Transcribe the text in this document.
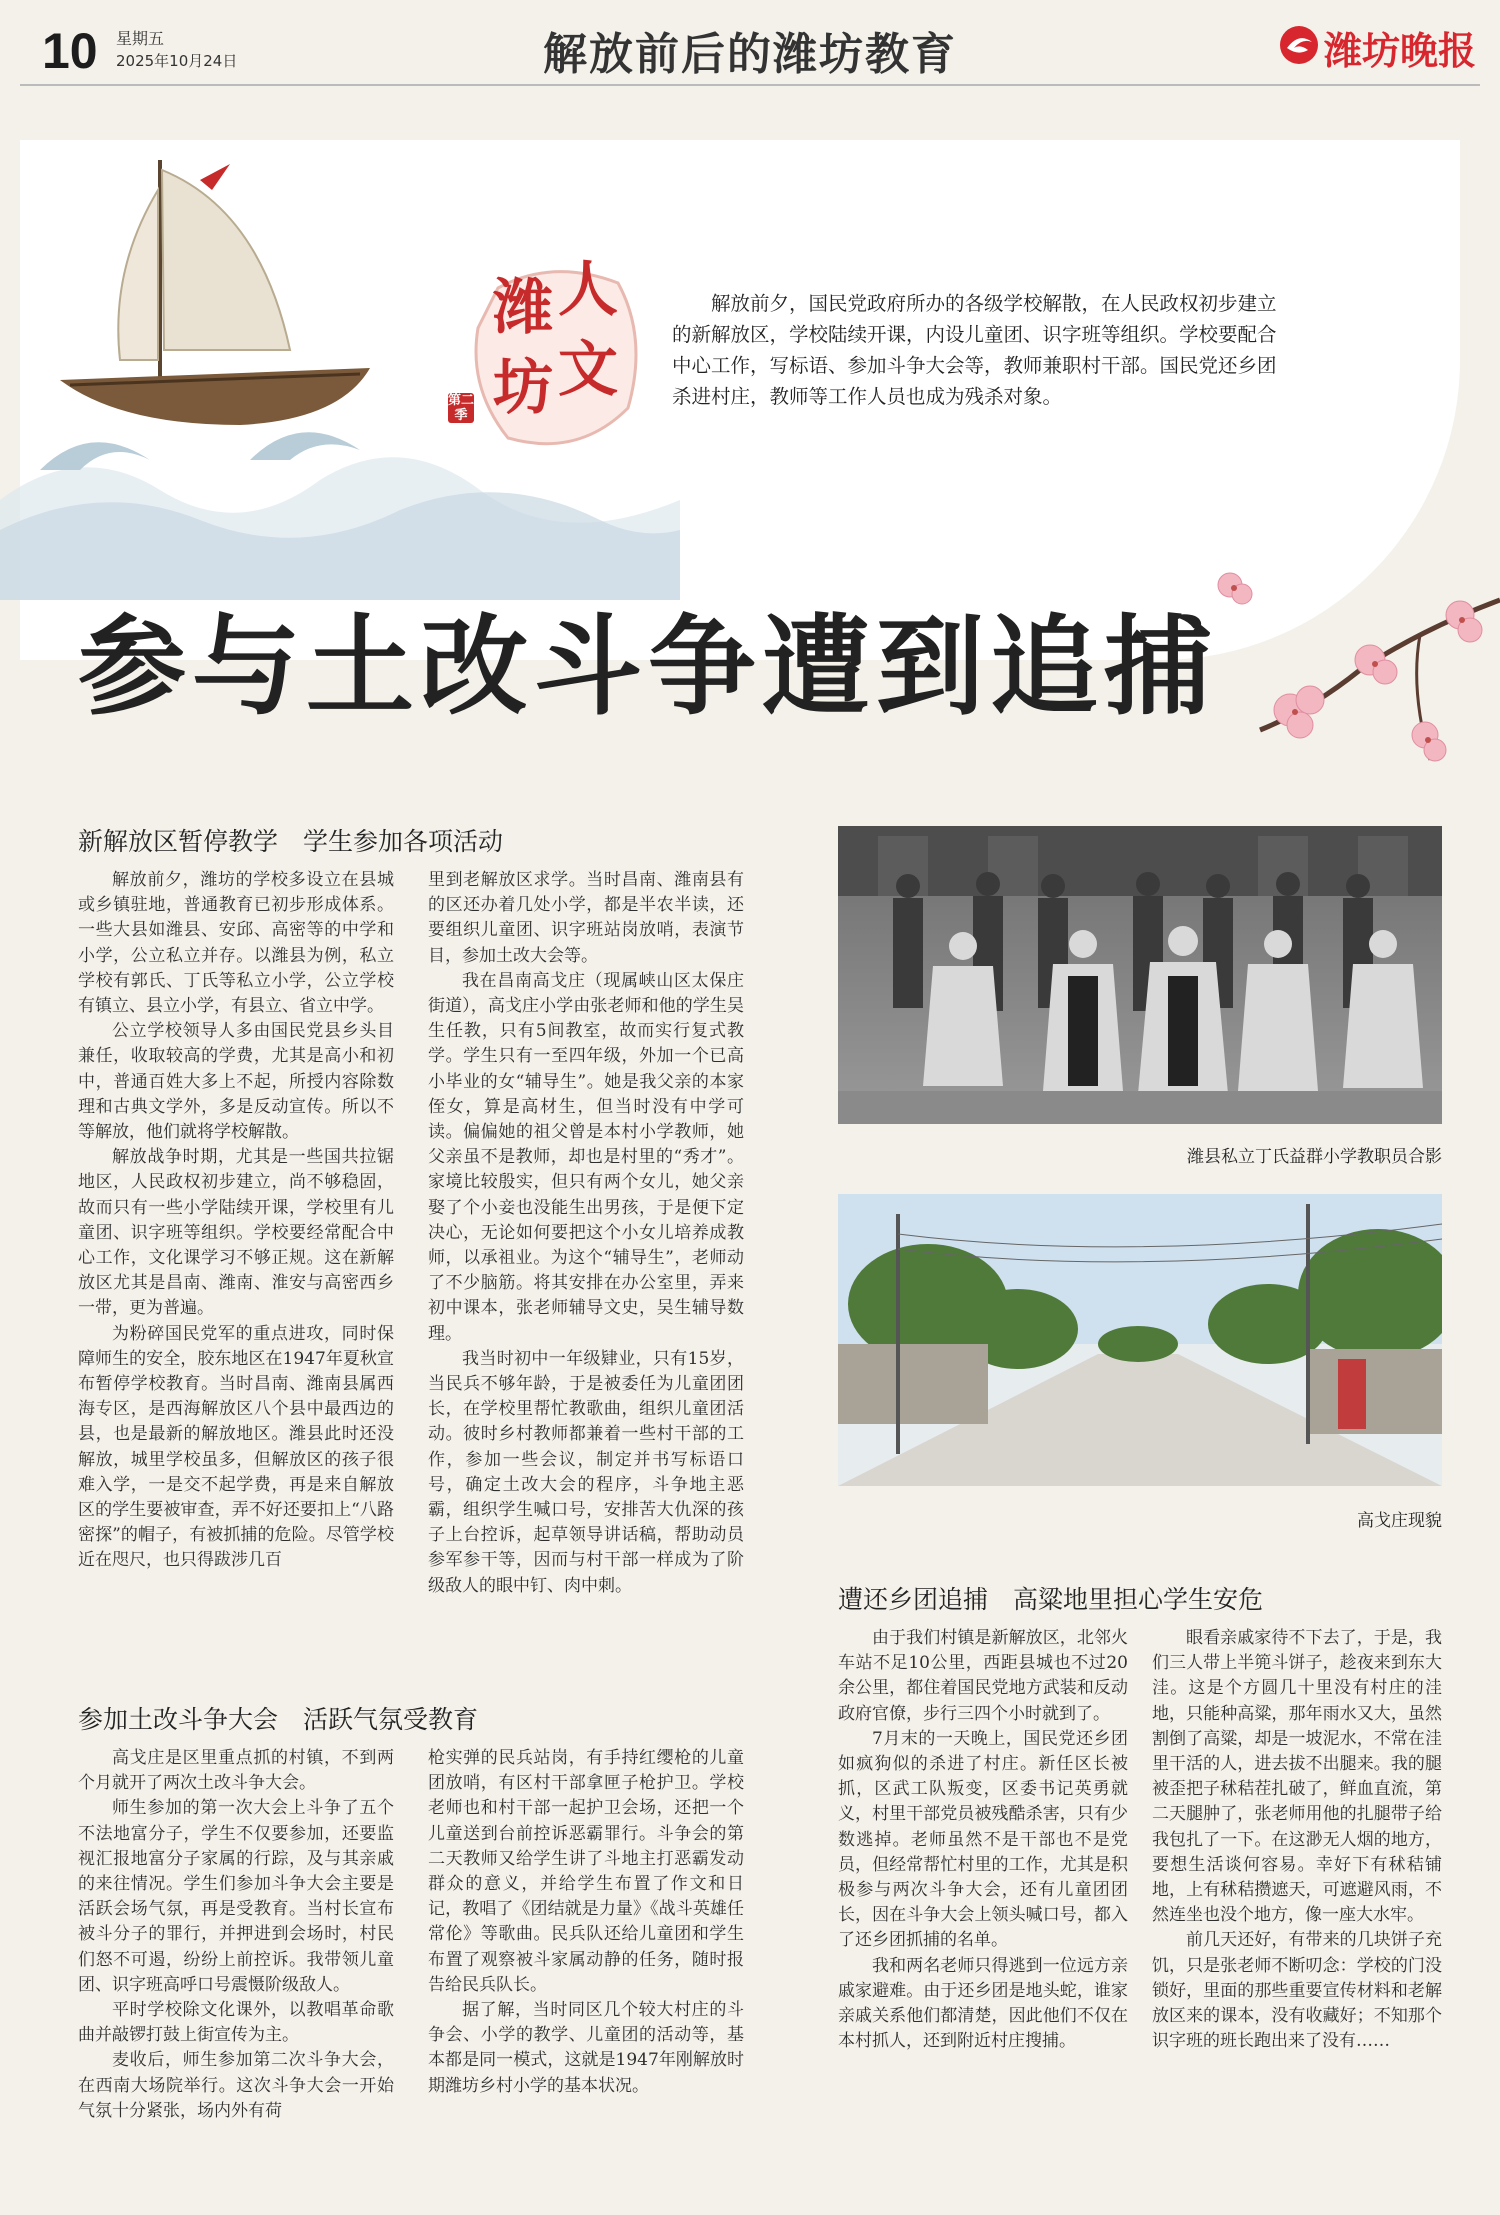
10 星期五
2025年10月24日	解放前后的潍坊教育	潍坊晚报
潍 人
坊 文
第二季
解放前夕，国民党政府所办的各级学校解散，在人民政权初步建立的新解放区，学校陆续开课，内设儿童团、识字班等组织。学校要配合中心工作，写标语、参加斗争大会等，教师兼职村干部。国民党还乡团杀进村庄，教师等工作人员也成为残杀对象。
参与土改斗争遭到追捕
新解放区暂停教学　学生参加各项活动

解放前夕，潍坊的学校多设立在县城或乡镇驻地，普通教育已初步形成体系。一些大县如潍县、安邱、高密等的中学和小学，公立私立并存。以潍县为例，私立学校有郭氏、丁氏等私立小学，公立学校有镇立、县立小学，有县立、省立中学。

公立学校领导人多由国民党县乡头目兼任，收取较高的学费，尤其是高小和初中，普通百姓大多上不起，所授内容除数理和古典文学外，多是反动宣传。所以不等解放，他们就将学校解散。

解放战争时期，尤其是一些国共拉锯地区，人民政权初步建立，尚不够稳固，故而只有一些小学陆续开课，学校里有儿童团、识字班等组织。学校要经常配合中心工作，文化课学习不够正规。这在新解放区尤其是昌南、潍南、淮安与高密西乡一带，更为普遍。

为粉碎国民党军的重点进攻，同时保障师生的安全，胶东地区在1947年夏秋宣布暂停学校教育。当时昌南、潍南县属西海专区，是西海解放区八个县中最西边的县，也是最新的解放地区。潍县此时还没解放，城里学校虽多，但解放区的孩子很难入学，一是交不起学费，再是来自解放区的学生要被审查，弄不好还要扣上“八路密探”的帽子，有被抓捕的危险。尽管学校近在咫尺，也只得跋涉几百

里到老解放区求学。当时昌南、潍南县有的区还办着几处小学，都是半农半读，还要组织儿童团、识字班站岗放哨，表演节目，参加土改大会等。

我在昌南高戈庄（现属峡山区太保庄街道），高戈庄小学由张老师和他的学生吴生任教，只有5间教室，故而实行复式教学。学生只有一至四年级，外加一个已高小毕业的女“辅导生”。她是我父亲的本家侄女，算是高材生，但当时没有中学可读。偏偏她的祖父曾是本村小学教师，她父亲虽不是教师，却也是村里的“秀才”。家境比较殷实，但只有两个女儿，她父亲娶了个小妾也没能生出男孩，于是便下定决心，无论如何要把这个小女儿培养成教师，以承祖业。为这个“辅导生”，老师动了不少脑筋。将其安排在办公室里，弄来初中课本，张老师辅导文史，吴生辅导数理。

我当时初中一年级肄业，只有15岁，当民兵不够年龄，于是被委任为儿童团团长，在学校里帮忙教歌曲，组织儿童团活动。彼时乡村教师都兼着一些村干部的工作，参加一些会议，制定并书写标语口号，确定土改大会的程序，斗争地主恶霸，组织学生喊口号，安排苦大仇深的孩子上台控诉，起草领导讲话稿，帮助动员参军参干等，因而与村干部一样成为了阶级敌人的眼中钉、肉中刺。

参加土改斗争大会　活跃气氛受教育

高戈庄是区里重点抓的村镇，不到两个月就开了两次土改斗争大会。

师生参加的第一次大会上斗争了五个不法地富分子，学生不仅要参加，还要监视汇报地富分子家属的行踪，及与其亲戚的来往情况。学生们参加斗争大会主要是活跃会场气氛，再是受教育。当村长宣布被斗分子的罪行，并押进到会场时，村民们怒不可遏，纷纷上前控诉。我带领儿童团、识字班高呼口号震慑阶级敌人。

平时学校除文化课外，以教唱革命歌曲并敲锣打鼓上街宣传为主。

麦收后，师生参加第二次斗争大会，在西南大场院举行。这次斗争大会一开始气氛十分紧张，场内外有荷

枪实弹的民兵站岗，有手持红缨枪的儿童团放哨，有区村干部拿匣子枪护卫。学校老师也和村干部一起护卫会场，还把一个儿童送到台前控诉恶霸罪行。斗争会的第二天教师又给学生讲了斗地主打恶霸发动群众的意义，并给学生布置了作文和日记，教唱了《团结就是力量》《战斗英雄任常伦》等歌曲。民兵队还给儿童团和学生布置了观察被斗家属动静的任务，随时报告给民兵队长。

据了解，当时同区几个较大村庄的斗争会、小学的教学、儿童团的活动等，基本都是同一模式，这就是1947年刚解放时期潍坊乡村小学的基本状况。

潍县私立丁氏益群小学教职员合影
高戈庄现貌
遭还乡团追捕　高粱地里担心学生安危

由于我们村镇是新解放区，北邻火车站不足10公里，西距县城也不过20余公里，都住着国民党地方武装和反动政府官僚，步行三四个小时就到了。

7月末的一天晚上，国民党还乡团如疯狗似的杀进了村庄。新任区长被抓，区武工队叛变，区委书记英勇就义，村里干部党员被残酷杀害，只有少数逃掉。老师虽然不是干部也不是党员，但经常帮忙村里的工作，尤其是积极参与两次斗争大会，还有儿童团团长，因在斗争大会上领头喊口号，都入了还乡团抓捕的名单。

我和两名老师只得逃到一位远方亲戚家避难。由于还乡团是地头蛇，谁家亲戚关系他们都清楚，因此他们不仅在本村抓人，还到附近村庄搜捕。

眼看亲戚家待不下去了，于是，我们三人带上半篼斗饼子，趁夜来到东大洼。这是个方圆几十里没有村庄的洼地，只能种高粱，那年雨水又大，虽然割倒了高粱，却是一坡泥水，不常在洼里干活的人，进去拔不出腿来。我的腿被歪把子秫秸茬扎破了，鲜血直流，第二天腿肿了，张老师用他的扎腿带子给我包扎了一下。在这渺无人烟的地方，要想生活谈何容易。幸好下有秫秸铺地，上有秫秸攒遮天，可遮避风雨，不然连坐也没个地方，像一座大水牢。

前几天还好，有带来的几块饼子充饥，只是张老师不断叨念：学校的门没锁好，里面的那些重要宣传材料和老解放区来的课本，没有收藏好；不知那个识字班的班长跑出来了没有……
